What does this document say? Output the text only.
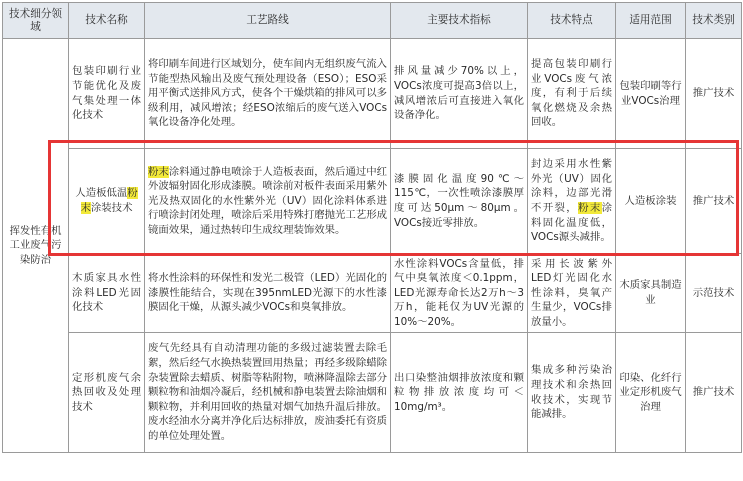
技术细分领域	技术名称	工艺路线	主要技术指标	技术特点	适用范围	技术类别
挥发性有机工业废气污染防治	包装印刷行业节能优化及废气集处理一体化技术	将印刷车间进行区域划分，使车间内无组织废气流入节能型热风输出及废气预处理设备（ESO）；ESO采用平衡式送排风方式，使各个干燥烘箱的排风可以多级利用，减风增浓；经ESO浓缩后的废气送入VOCs氧化设备净化处理。	排风量减少70%以上，VOCs浓度可提高3倍以上，减风增浓后可直接进入氧化设备净化。	提高包装印刷行业VOCs废气浓度，有利于后续氧化燃烧及余热回收。	包装印刷等行业VOCs治理	推广技术
	人造板低温粉末涂装技术	粉末涂料通过静电喷涂于人造板表面，然后通过中红外波辐射固化形成漆膜。喷涂前对板件表面采用紫外光及热双固化的水性紫外光（UV）固化涂料体系进行喷涂封闭处理，喷涂后采用特殊打磨抛光工艺形成镜面效果，通过热转印生成纹理装饰效果。	漆膜固化温度90℃～115℃，一次性喷涂漆膜厚度可达50μm～80μm。VOCs接近零排放。	封边采用水性紫外光（UV）固化涂料，边部光滑不开裂，粉末涂料固化温度低，VOCs源头减排。	人造板涂装	推广技术
	木质家具水性涂料LED光固化技术	将水性涂料的环保性和发光二极管（LED）光固化的漆膜性能结合，实现在395nmLED光源下的水性漆膜固化干燥，从源头减少VOCs和臭氧排放。	水性涂料VOCs含量低，排气中臭氧浓度＜0.1ppm，LED光源寿命长达2万h～3万h，能耗仅为UV光源的10%～20%。	采用长波紫外LED灯光固化水性涂料，臭氧产生量少，VOCs排放量小。	木质家具制造业	示范技术
	定形机废气余热回收及处理技术	废气先经具有自动清理功能的多级过滤装置去除毛絮，然后经气水换热装置回用热量；再经多级除蜡除杂装置除去蜡质、树脂等粘附物，喷淋降温除去部分颗粒物和油烟冷凝后，经机械和静电装置去除油烟和颗粒物，并利用回收的热量对烟气加热升温后排放。废水经油水分离并净化后达标排放，废油委托有资质的单位处理处置。	出口染整油烟排放浓度和颗粒物排放浓度均可＜10mg/m³。	集成多种污染治理技术和余热回收技术，实现节能减排。	印染、化纤行业定形机废气治理	推广技术
